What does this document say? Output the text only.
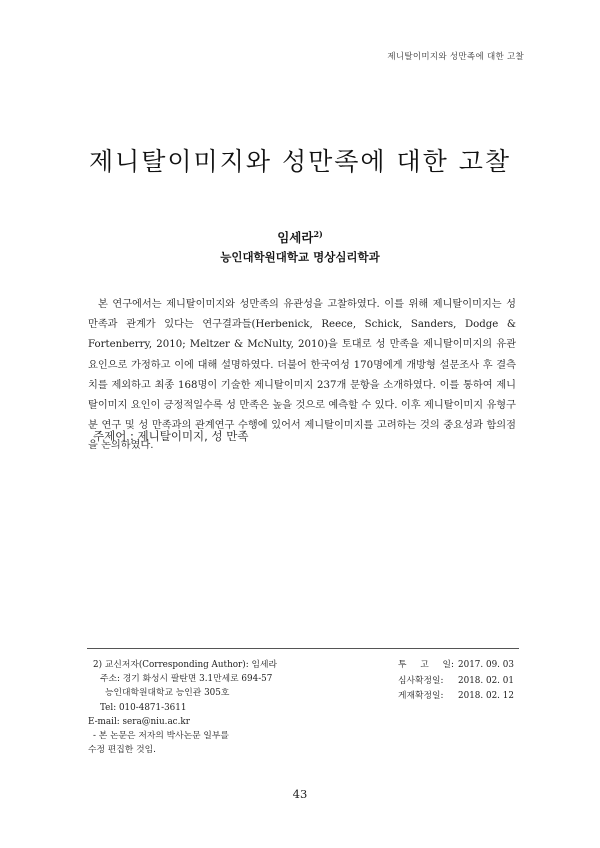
제니탈이미지와 성만족에 대한 고찰
제니탈이미지와 성만족에 대한 고찰
임세라$^{2)}$
능인대학원대학교 명상심리학과
본 연구에서는 제니탈이미지와 성만족의 유관성을 고찰하였다. 이를 위해 제니탈이미지는 성 만족과 관계가 있다는 연구결과들(Herbenick, Reece, Schick, Sanders, Dodge & Fortenberry, 2010; Meltzer & McNulty, 2010)을 토대로 성 만족을 제니탈이미지의 유관요인으로 가정하고 이에 대해 설명하였다. 더불어 한국여성 170명에게 개방형 설문조사 후 결측치를 제외하고 최종 168명이 기술한 제니탈이미지 237개 문항을 소개하였다. 이를 통하여 제니탈이미지 요인이 긍정적일수록 성 만족은 높을 것으로 예측할 수 있다. 이후 제니탈이미지 유형구분 연구 및 성 만족과의 관계연구 수행에 있어서 제니탈이미지를 고려하는 것의 중요성과 함의점을 논의하였다.
주제어 : 제니탈이미지, 성 만족
2) 교신저자(Corresponding Author): 임세라
주소: 경기 화성시 팔탄면 3.1만세로 694-57
능인대학원대학교 능인관 305호
Tel: 010-4871-3611
E-mail: sera@niu.ac.kr
- 본 논문은 저자의 박사논문 일부를
수정 편집한 것임.
투 고 일: 2017. 09. 03
심사확정일:	2018. 02. 01
게재확정일:	2018. 02. 12
43
